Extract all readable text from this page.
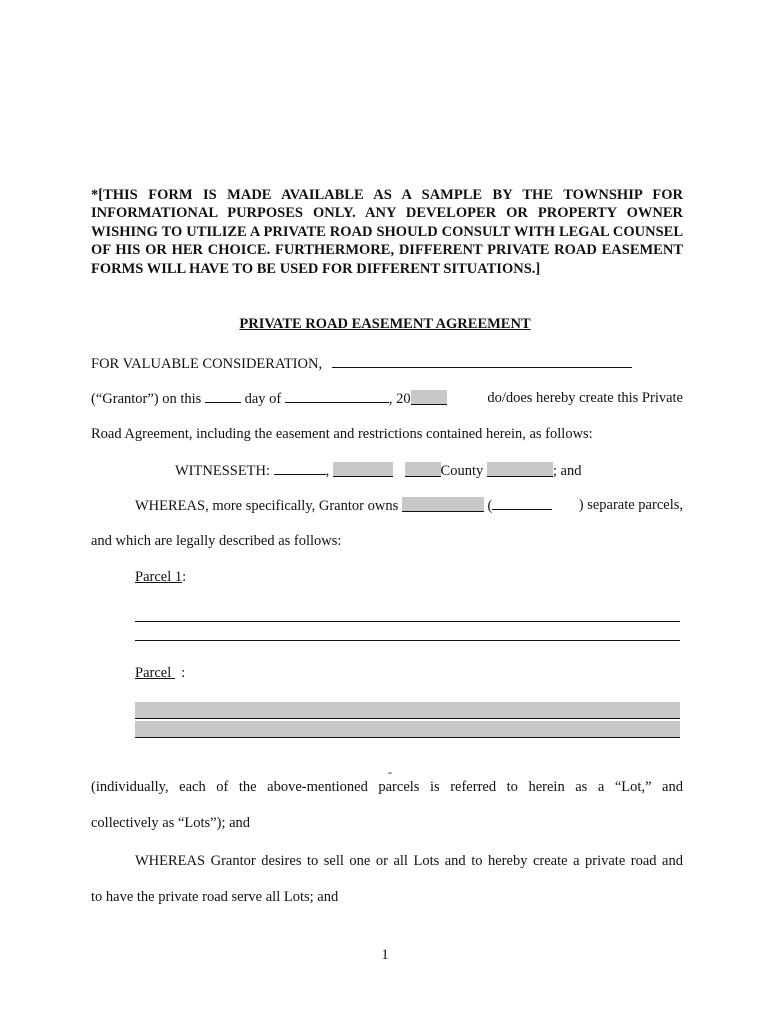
*[THIS FORM IS MADE AVAILABLE AS A SAMPLE BY THE TOWNSHIP FOR INFORMATIONAL PURPOSES ONLY. ANY DEVELOPER OR PROPERTY OWNER WISHING TO UTILIZE A PRIVATE ROAD SHOULD CONSULT WITH LEGAL COUNSEL OF HIS OR HER CHOICE. FURTHERMORE, DIFFERENT PRIVATE ROAD EASEMENT FORMS WILL HAVE TO BE USED FOR DIFFERENT SITUATIONS.]
PRIVATE ROAD EASEMENT AGREEMENT
FOR VALUABLE CONSIDERATION,
(“Grantor”) on this	day of	, 20	do/does hereby create this Private
Road Agreement, including the easement and restrictions contained herein, as follows:
WITNESSETH:	,	County	; and
WHEREAS, more specifically, Grantor owns	(	) separate parcels,
and which are legally described as follows:
Parcel 1:
Parcel :
-
(individually, each of the above-mentioned parcels is referred to herein as a “Lot,” and
collectively as “Lots”); and
WHEREAS Grantor desires to sell one or all Lots and to hereby create a private road and
to have the private road serve all Lots; and
1
